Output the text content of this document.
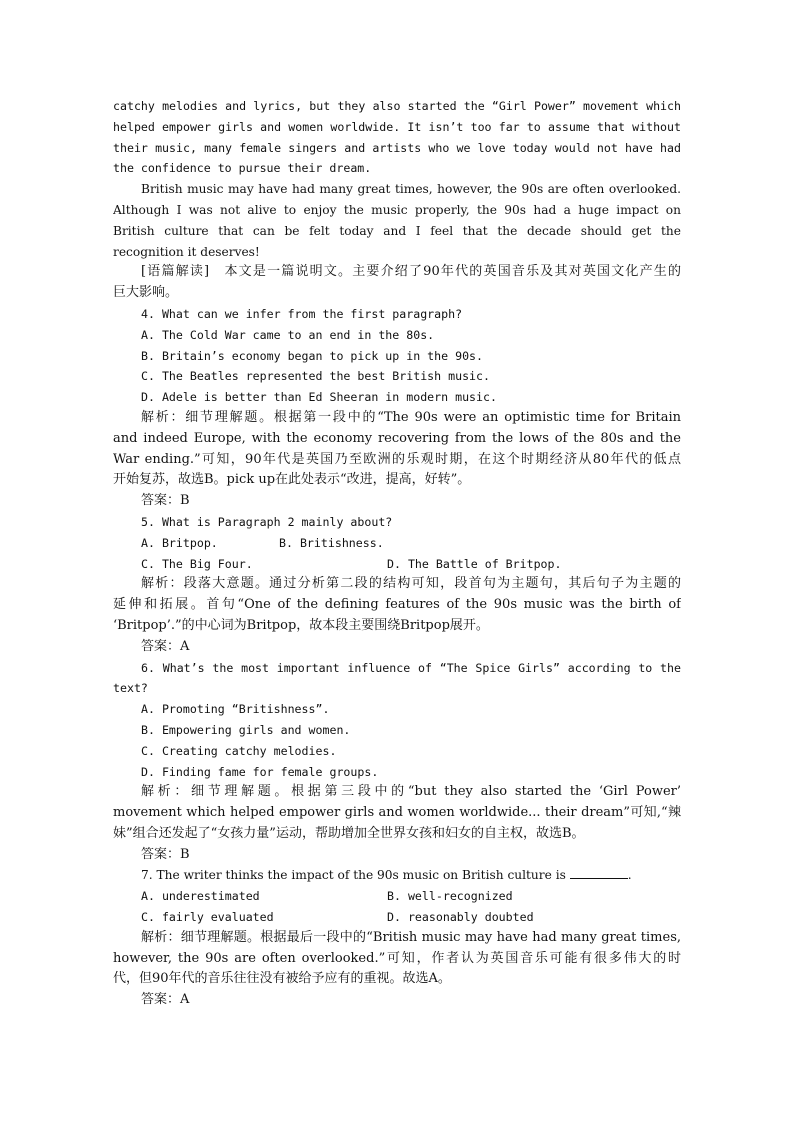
catchy melodies and lyrics, but they also started the “Girl Power” movement which
helped empower girls and women worldwide. It isn’t too far to assume that without
their music, many female singers and artists who we love today would not have had
the confidence to pursue their dream.
British music may have had many great times, however, the 90s are often overlooked.
Although I was not alive to enjoy the music properly, the 90s had a huge impact on
British culture that can be felt today and I feel that the decade should get the
recognition it deserves!
[语篇解读]　本文是一篇说明文。主要介绍了90年代的英国音乐及其对英国文化产生的
巨大影响。
4. What can we infer from the first paragraph?
A. The Cold War came to an end in the 80s.
B. Britain’s economy began to pick up in the 90s.
C. The Beatles represented the best British music.
D. Adele is better than Ed Sheeran in modern music.
解析：细节理解题。根据第一段中的“The 90s were an optimistic time for Britain
and indeed Europe, with the economy recovering from the lows of the 80s and the
War ending.”可知，90年代是英国乃至欧洲的乐观时期，在这个时期经济从80年代的低点
开始复苏，故选B。pick up在此处表示“改进，提高，好转”。
答案：B
5. What is Paragraph 2 mainly about?
A. Britpop.	B. Britishness.
C. The Big Four.	D. The Battle of Britpop.
解析：段落大意题。通过分析第二段的结构可知，段首句为主题句，其后句子为主题的
延伸和拓展。首句“One of the defining features of the 90s music was the birth of
‘Britpop’.”的中心词为Britpop，故本段主要围绕Britpop展开。
答案：A
6. What’s the most important influence of “The Spice Girls” according to the
text?
A. Promoting “Britishness”.
B. Empowering girls and women.
C. Creating catchy melodies.
D. Finding fame for female groups.
解析：细节理解题。根据第三段中的“but they also started the ‘Girl Power’
movement which helped empower girls and women worldwide... their dream”可知,“辣
妹”组合还发起了“女孩力量”运动，帮助增加全世界女孩和妇女的自主权，故选B。
答案：B
7. The writer thinks the impact of the 90s music on British culture is	.
A. underestimated	B. well-recognized
C. fairly evaluated	D. reasonably doubted
解析：细节理解题。根据最后一段中的“British music may have had many great times,
however, the 90s are often overlooked.”可知，作者认为英国音乐可能有很多伟大的时
代，但90年代的音乐往往没有被给予应有的重视。故选A。
答案：A
